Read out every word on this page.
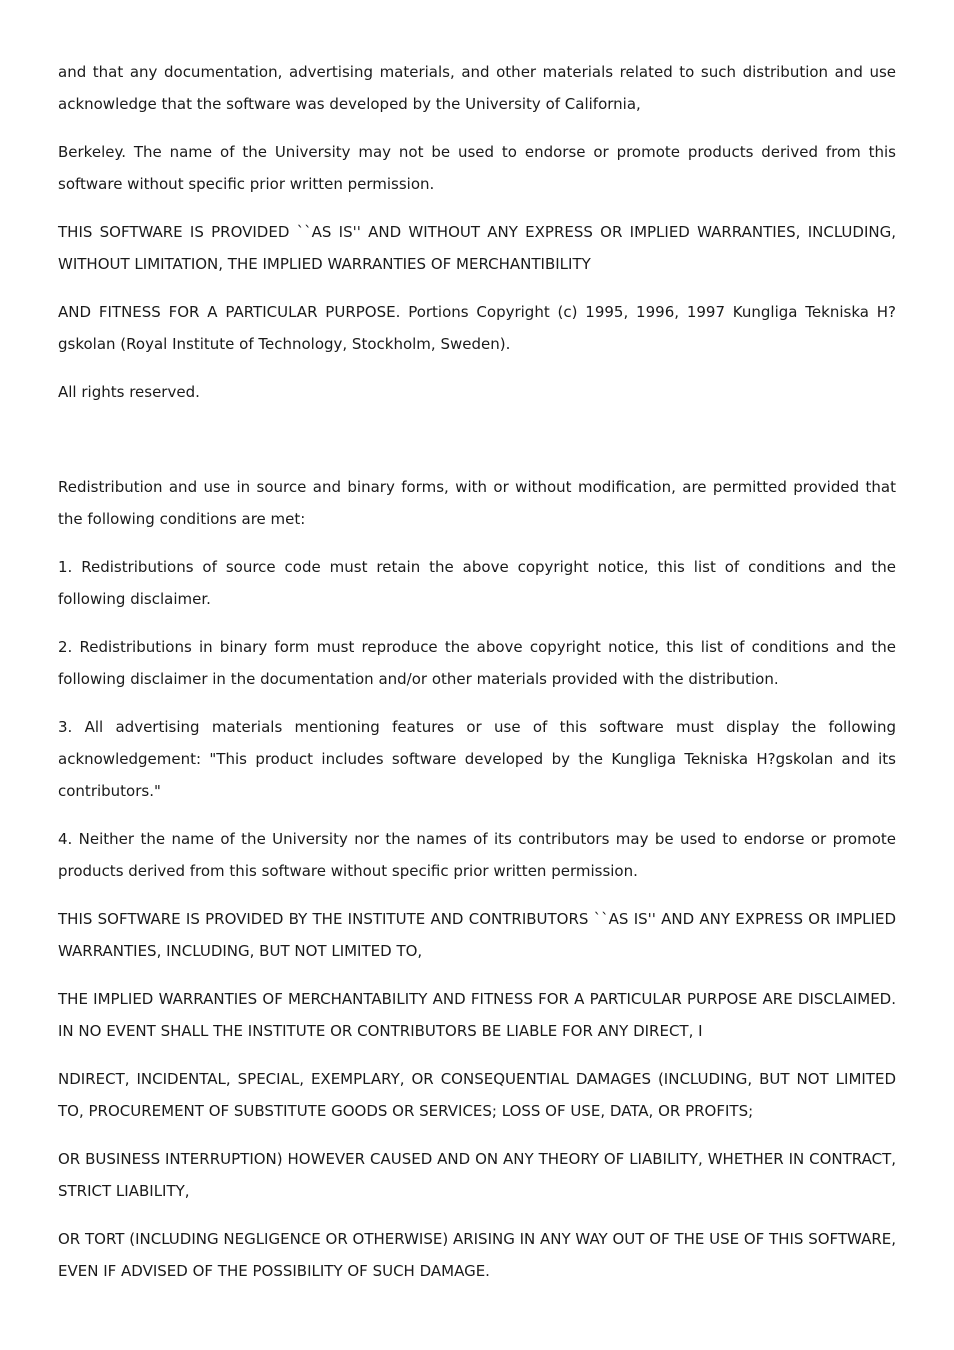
and that any documentation, advertising materials, and other materials related to such distribution and use acknowledge that the software was developed by the University of California,

Berkeley. The name of the University may not be used to endorse or promote products derived from this software without specific prior written permission.

THIS SOFTWARE IS PROVIDED ``AS IS'' AND WITHOUT ANY EXPRESS OR IMPLIED WARRANTIES, INCLUDING, WITHOUT LIMITATION, THE IMPLIED WARRANTIES OF MERCHANTIBILITY

AND FITNESS FOR A PARTICULAR PURPOSE. Portions Copyright (c) 1995, 1996, 1997 Kungliga Tekniska H?gskolan (Royal Institute of Technology, Stockholm, Sweden).

All rights reserved.

Redistribution and use in source and binary forms, with or without modification, are permitted provided that the following conditions are met:

1. Redistributions of source code must retain the above copyright notice, this list of conditions and the following disclaimer.

2. Redistributions in binary form must reproduce the above copyright notice, this list of conditions and the following disclaimer in the documentation and/or other materials provided with the distribution.

3. All advertising materials mentioning features or use of this software must display the following acknowledgement: "This product includes software developed by the Kungliga Tekniska H?gskolan and its contributors."

4. Neither the name of the University nor the names of its contributors may be used to endorse or promote products derived from this software without specific prior written permission.

THIS SOFTWARE IS PROVIDED BY THE INSTITUTE AND CONTRIBUTORS ``AS IS'' AND ANY EXPRESS OR IMPLIED WARRANTIES, INCLUDING, BUT NOT LIMITED TO,

THE IMPLIED WARRANTIES OF MERCHANTABILITY AND FITNESS FOR A PARTICULAR PURPOSE ARE DISCLAIMED. IN NO EVENT SHALL THE INSTITUTE OR CONTRIBUTORS BE LIABLE FOR ANY DIRECT, I

NDIRECT, INCIDENTAL, SPECIAL, EXEMPLARY, OR CONSEQUENTIAL DAMAGES (INCLUDING, BUT NOT LIMITED TO, PROCUREMENT OF SUBSTITUTE GOODS OR SERVICES; LOSS OF USE, DATA, OR PROFITS;

OR BUSINESS INTERRUPTION) HOWEVER CAUSED AND ON ANY THEORY OF LIABILITY, WHETHER IN CONTRACT, STRICT LIABILITY,

OR TORT (INCLUDING NEGLIGENCE OR OTHERWISE) ARISING IN ANY WAY OUT OF THE USE OF THIS SOFTWARE, EVEN IF ADVISED OF THE POSSIBILITY OF SUCH DAMAGE.
